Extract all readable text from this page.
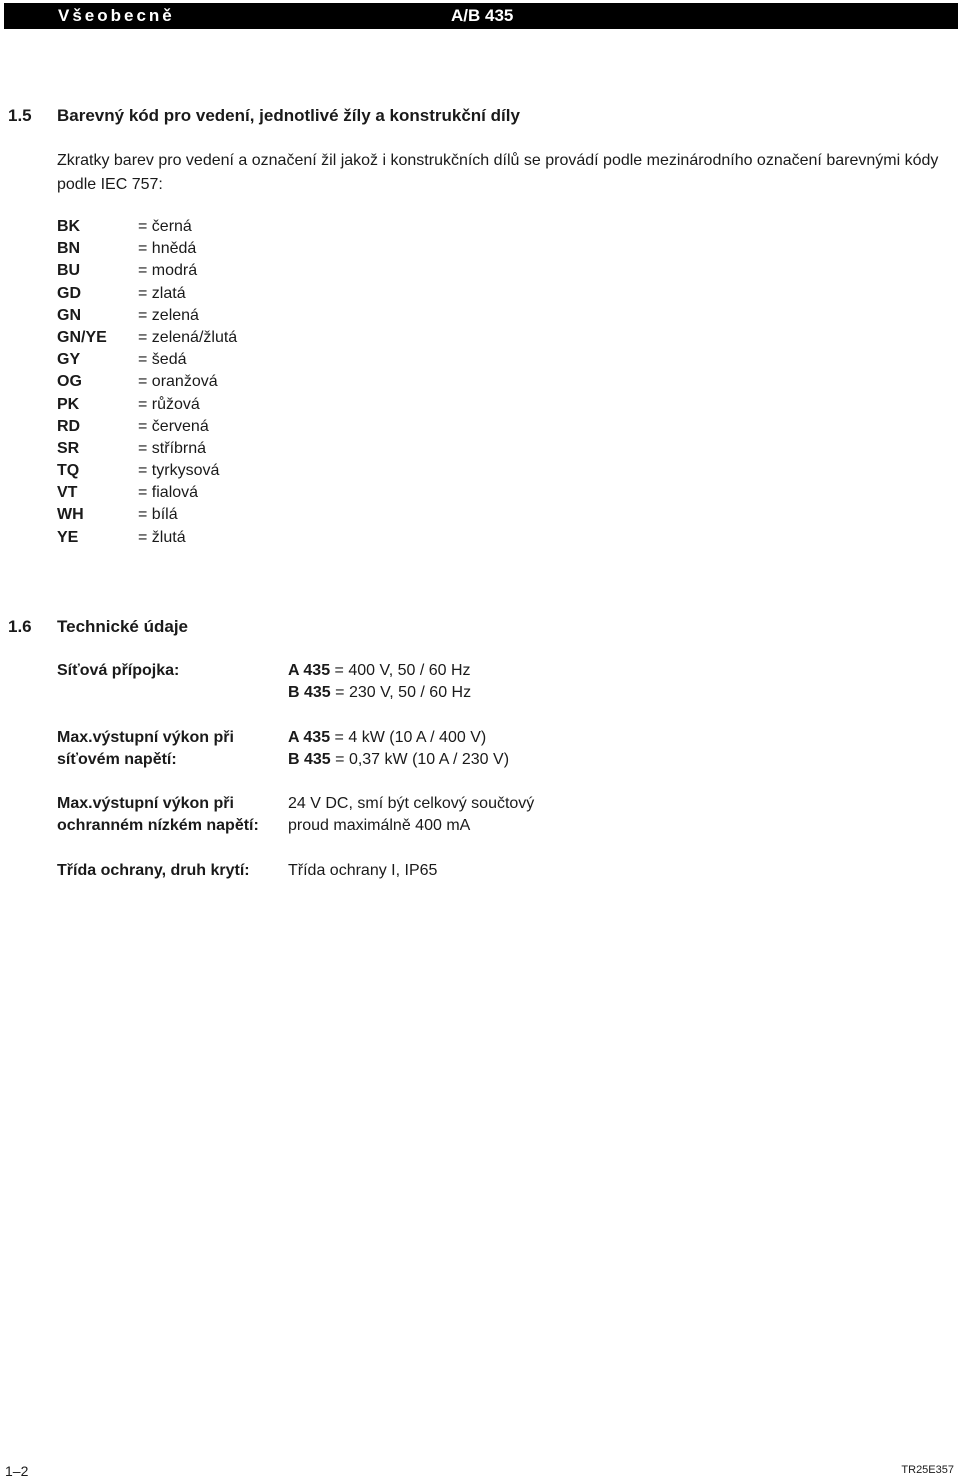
Všeobecně	A/B 435
1.5 Barevný kód pro vedení, jednotlivé žíly a konstrukční díly
Zkratky barev pro vedení a označení žil jakož i konstrukčních dílů se provádí podle mezinárodního označení barevnými kódy podle IEC 757:
BK	= černá
BN	= hnědá
BU	= modrá
GD	= zlatá
GN	= zelená
GN/YE = zelená/žlutá
GY	= šedá
OG	= oranžová
PK	= růžová
RD	= červená
SR	= stříbrná
TQ	= tyrkysová
VT	= fialová
WH	= bílá
YE	= žlutá
1.6 Technické údaje
Síťová přípojka:	A 435 = 400 V, 50 / 60 Hz
B 435 = 230 V, 50 / 60 Hz
Max.výstupní výkon při
síťovém napětí:
A 435 = 4 kW (10 A / 400 V)
B 435 = 0,37 kW (10 A / 230 V)
Max.výstupní výkon při
ochranném nízkém napětí:
24 V DC, smí být celkový součtový
proud maximálně 400 mA
Třída ochrany, druh krytí: Třída ochrany I, IP65
1–2	TR25E357
